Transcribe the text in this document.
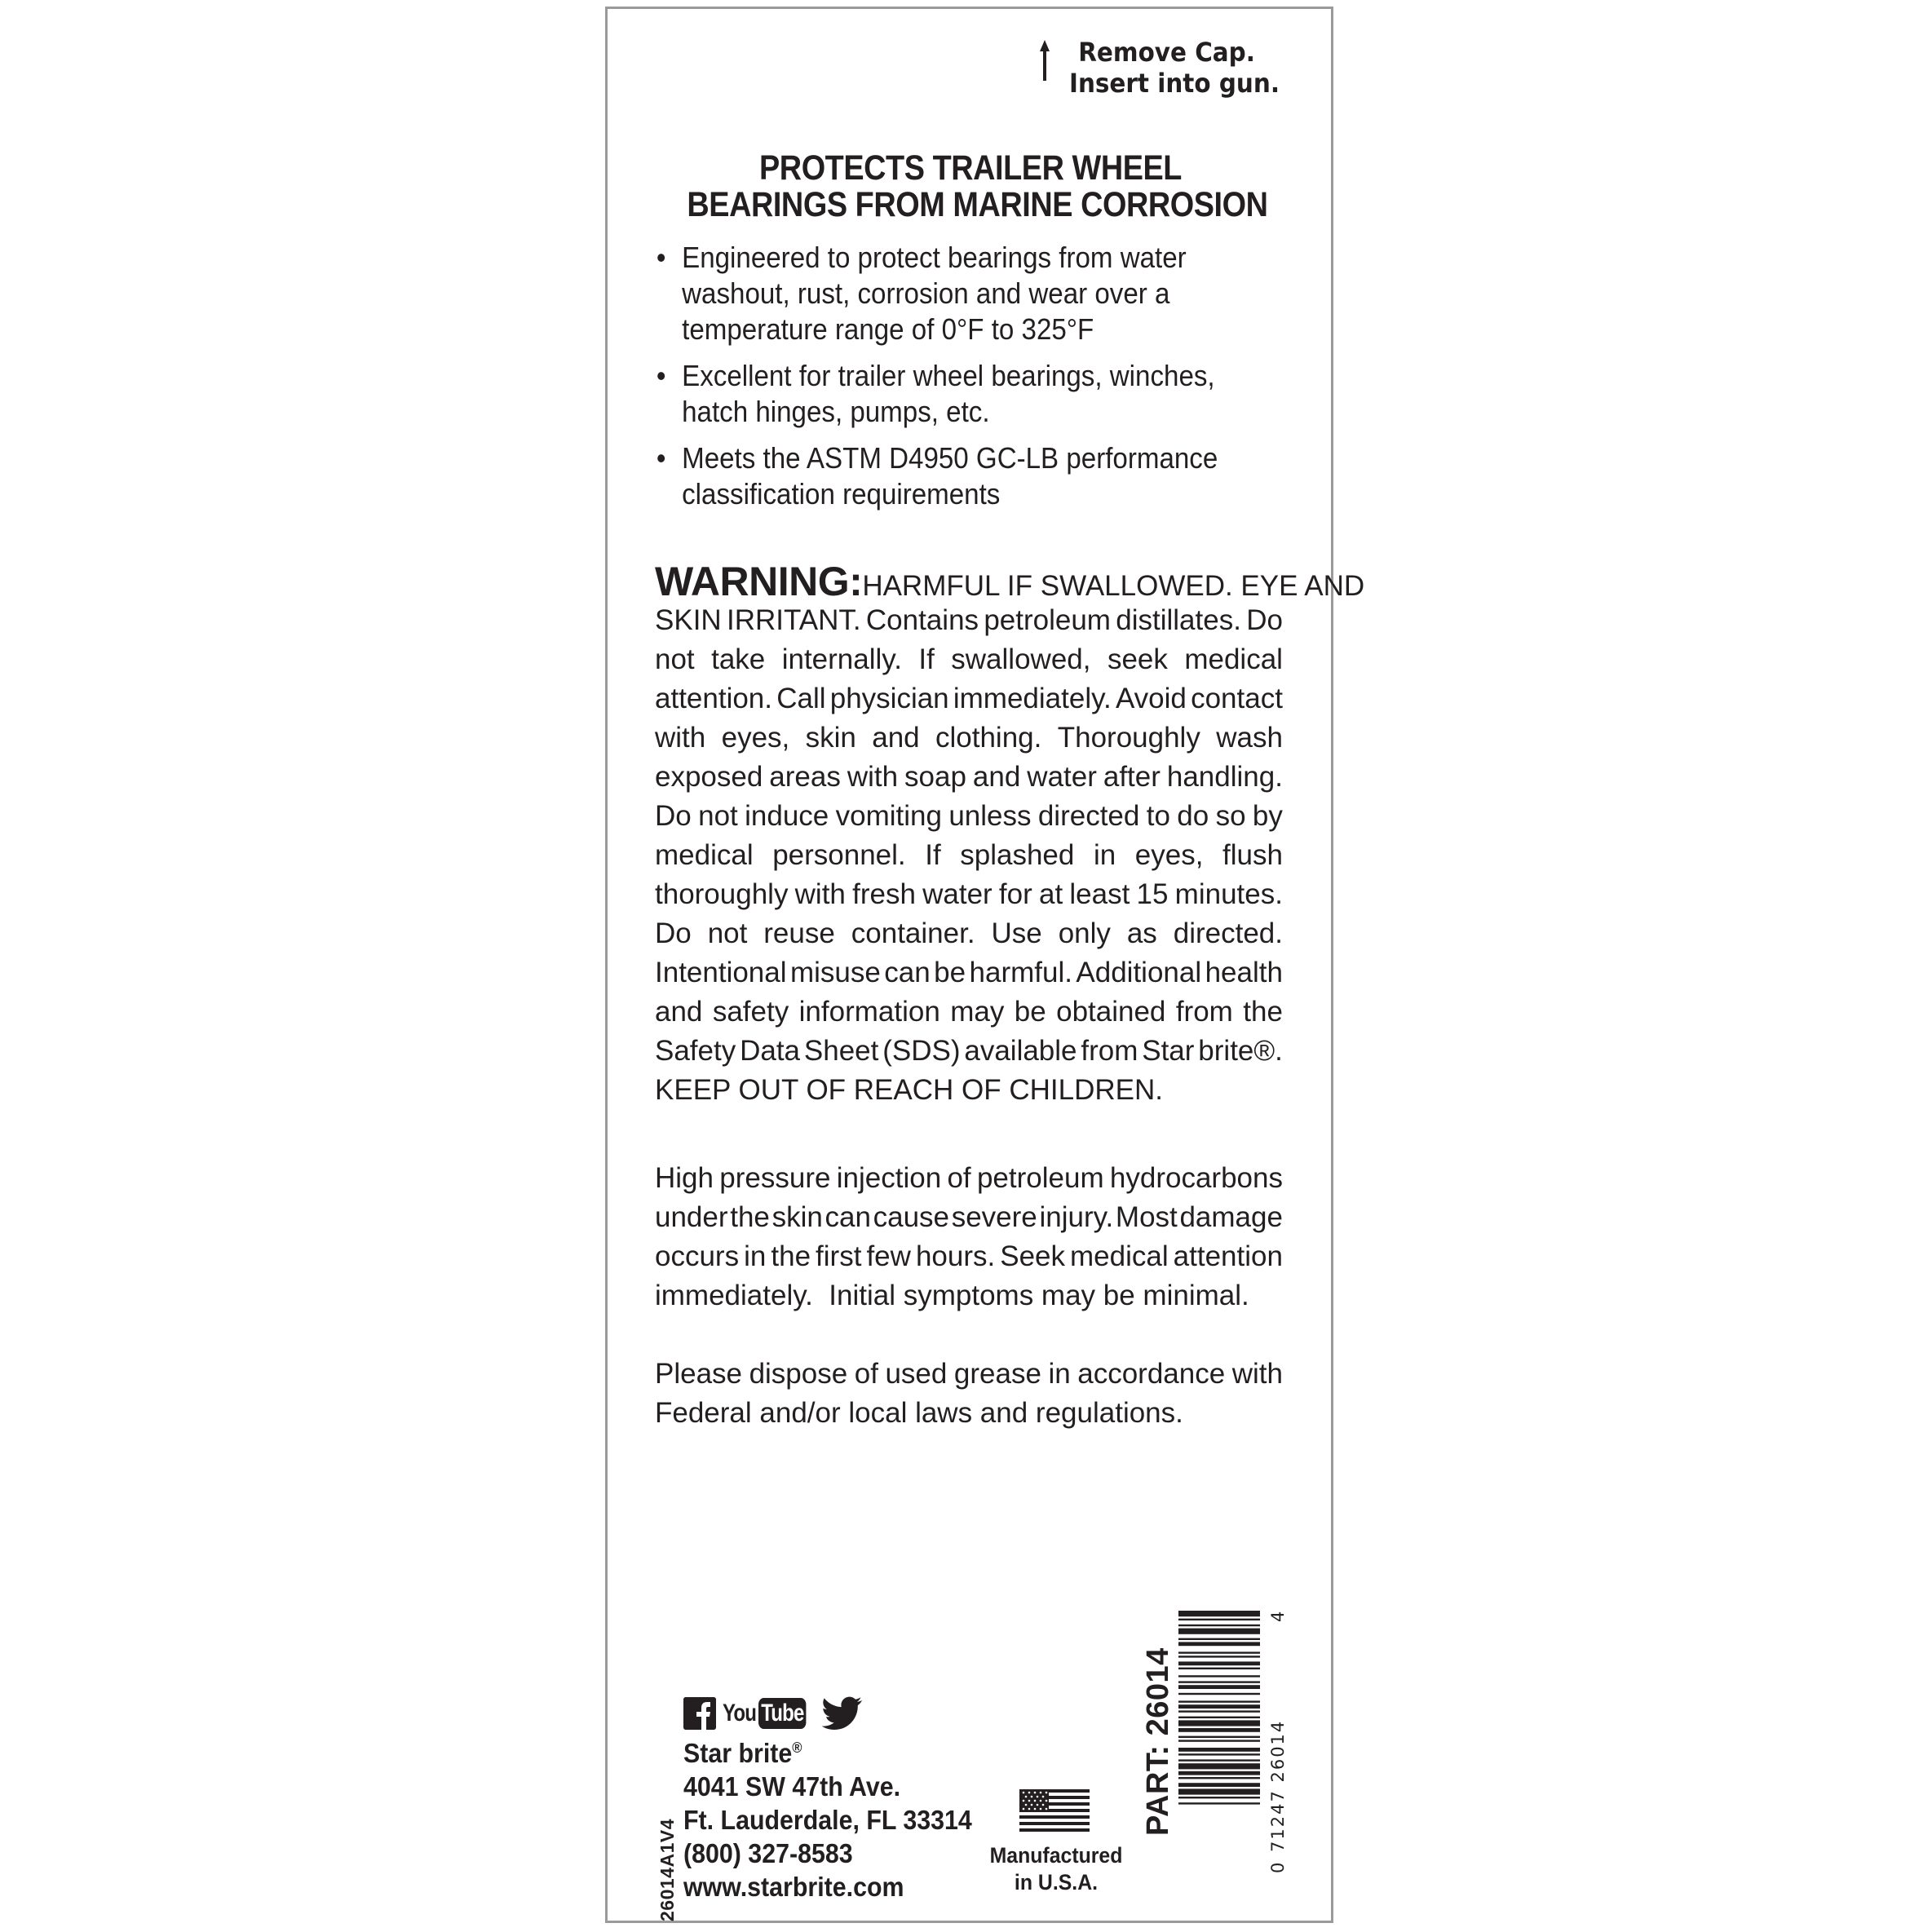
Remove Cap.
Insert into gun.
PROTECTS TRAILER WHEEL
BEARINGS FROM MARINE CORROSION
• Engineered to protect bearings from water
washout, rust, corrosion and wear over a
temperature range of 0°F to 325°F
• Excellent for trailer wheel bearings, winches,
hatch hinges, pumps, etc.
• Meets the ASTM D4950 GC-LB performance
classification requirements
WARNING: HARMFUL IF SWALLOWED. EYE AND
SKIN IRRITANT. Contains petroleum distillates. Do
not take internally. If swallowed, seek medical
attention. Call physician immediately. Avoid contact
with eyes, skin and clothing. Thoroughly wash
exposed areas with soap and water after handling.
Do not induce vomiting unless directed to do so by
medical personnel. If splashed in eyes, flush
thoroughly with fresh water for at least 15 minutes.
Do not reuse container. Use only as directed.
Intentional misuse can be harmful. Additional health
and safety information may be obtained from the
Safety Data Sheet (SDS) available from Star brite®.
KEEP OUT OF REACH OF CHILDREN.
High pressure injection of petroleum hydrocarbons
under the skin can cause severe injury. Most damage
occurs in the first few hours. Seek medical attention
immediately.  Initial symptoms may be minimal.
Please dispose of used grease in accordance with
Federal and/or local laws and regulations.
You Tube
Star brite®
4041 SW 47th Ave.
Ft. Lauderdale, FL 33314
(800) 327-8583
www.starbrite.com
26014A1V4	Manufactured
in U.S.A.
PART: 26014
0
71247 26014
4
